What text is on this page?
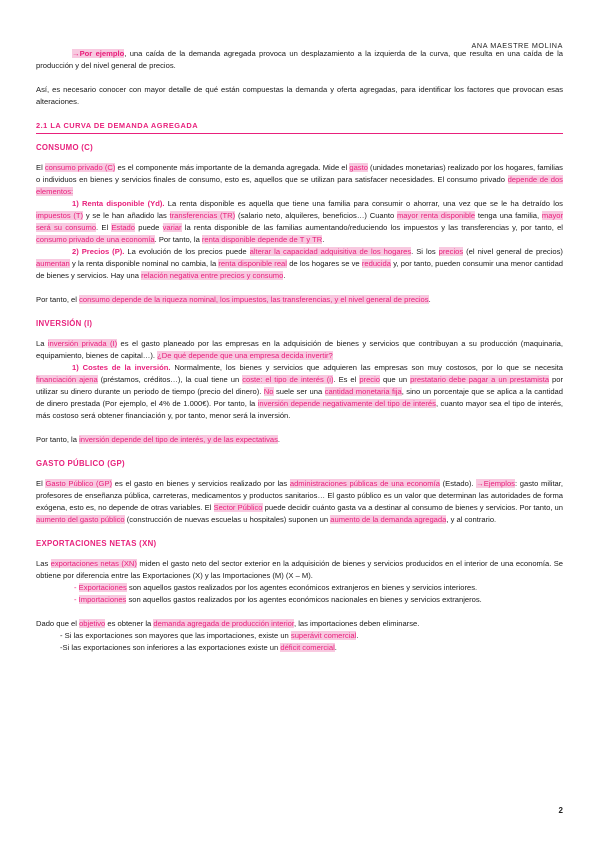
ANA MAESTRE MOLINA

→Por ejemplo, una caída de la demanda agregada provoca un desplazamiento a la izquierda de la curva, que resulta en una caída de la producción y del nivel general de precios.

Así, es necesario conocer con mayor detalle de qué están compuestas la demanda y oferta agregadas, para identificar los factores que provocan esas alteraciones.

2.1 LA CURVA DE DEMANDA AGREGADA
CONSUMO (C)

El consumo privado (C) es el componente más importante de la demanda agregada. Mide el gasto (unidades monetarias) realizado por los hogares, familias o individuos en bienes y servicios finales de consumo, esto es, aquellos que se utilizan para satisfacer necesidades. El consumo privado depende de dos elementos:

1) Renta disponible (Yd). La renta disponible es aquella que tiene una familia para consumir o ahorrar, una vez que se le ha detraído los impuestos (T) y se le han añadido las transferencias (TR) (salario neto, alquileres, beneficios…) Cuanto mayor renta disponible tenga una familia, mayor será su consumo. El Estado puede variar la renta disponible de las familias aumentando/reduciendo los impuestos y las transferencias y, por tanto, el consumo privado de una economía. Por tanto, la renta disponible depende de T y TR.

2) Precios (P). La evolución de los precios puede alterar la capacidad adquisitiva de los hogares. Si los precios (el nivel general de precios) aumentan y la renta disponible nominal no cambia, la renta disponible real de los hogares se ve reducida y, por tanto, pueden consumir una menor cantidad de bienes y servicios. Hay una relación negativa entre precios y consumo.

Por tanto, el consumo depende de la riqueza nominal, los impuestos, las transferencias, y el nivel general de precios.

INVERSIÓN (I)

La inversión privada (I) es el gasto planeado por las empresas en la adquisición de bienes y servicios que contribuyan a su producción (maquinaria, equipamiento, bienes de capital…). ¿De qué depende que una empresa decida invertir?

1) Costes de la inversión. Normalmente, los bienes y servicios que adquieren las empresas son muy costosos, por lo que se necesita financiación ajena (préstamos, créditos…), la cual tiene un coste: el tipo de interés (i). Es el precio que un prestatario debe pagar a un prestamista por utilizar su dinero durante un periodo de tiempo (precio del dinero). No suele ser una cantidad monetaria fija, sino un porcentaje que se aplica a la cantidad de dinero prestada (Por ejemplo, el 4% de 1.000€). Por tanto, la inversión depende negativamente del tipo de interés, cuanto mayor sea el tipo de interés, más costoso será obtener financiación y, por tanto, menor será la inversión.

Por tanto, la inversión depende del tipo de interés, y de las expectativas.

GASTO PÚBLICO (GP)

El Gasto Público (GP) es el gasto en bienes y servicios realizado por las administraciones públicas de una economía (Estado). →Ejemplos: gasto militar, profesores de enseñanza pública, carreteras, medicamentos y productos sanitarios… El gasto público es un valor que determinan las autoridades de forma exógena, esto es, no depende de otras variables. El Sector Público puede decidir cuánto gasta va a destinar al consumo de bienes y servicios. Por tanto, un aumento del gasto público (construcción de nuevas escuelas u hospitales) suponen un aumento de la demanda agregada, y al contrario.

EXPORTACIONES NETAS (XN)

Las exportaciones netas (XN) miden el gasto neto del sector exterior en la adquisición de bienes y servicios producidos en el interior de una economía. Se obtiene por diferencia entre las Exportaciones (X) y las Importaciones (M) (X – M).

- Exportaciones son aquellos gastos realizados por los agentes económicos extranjeros en bienes y servicios interiores.

- Importaciones son aquellos gastos realizados por los agentes económicos nacionales en bienes y servicios extranjeros.

Dado que el objetivo es obtener la demanda agregada de producción interior, las importaciones deben eliminarse.

- Si las exportaciones son mayores que las importaciones, existe un superávit comercial.

-Si las exportaciones son inferiores a las exportaciones existe un déficit comercial.

2
